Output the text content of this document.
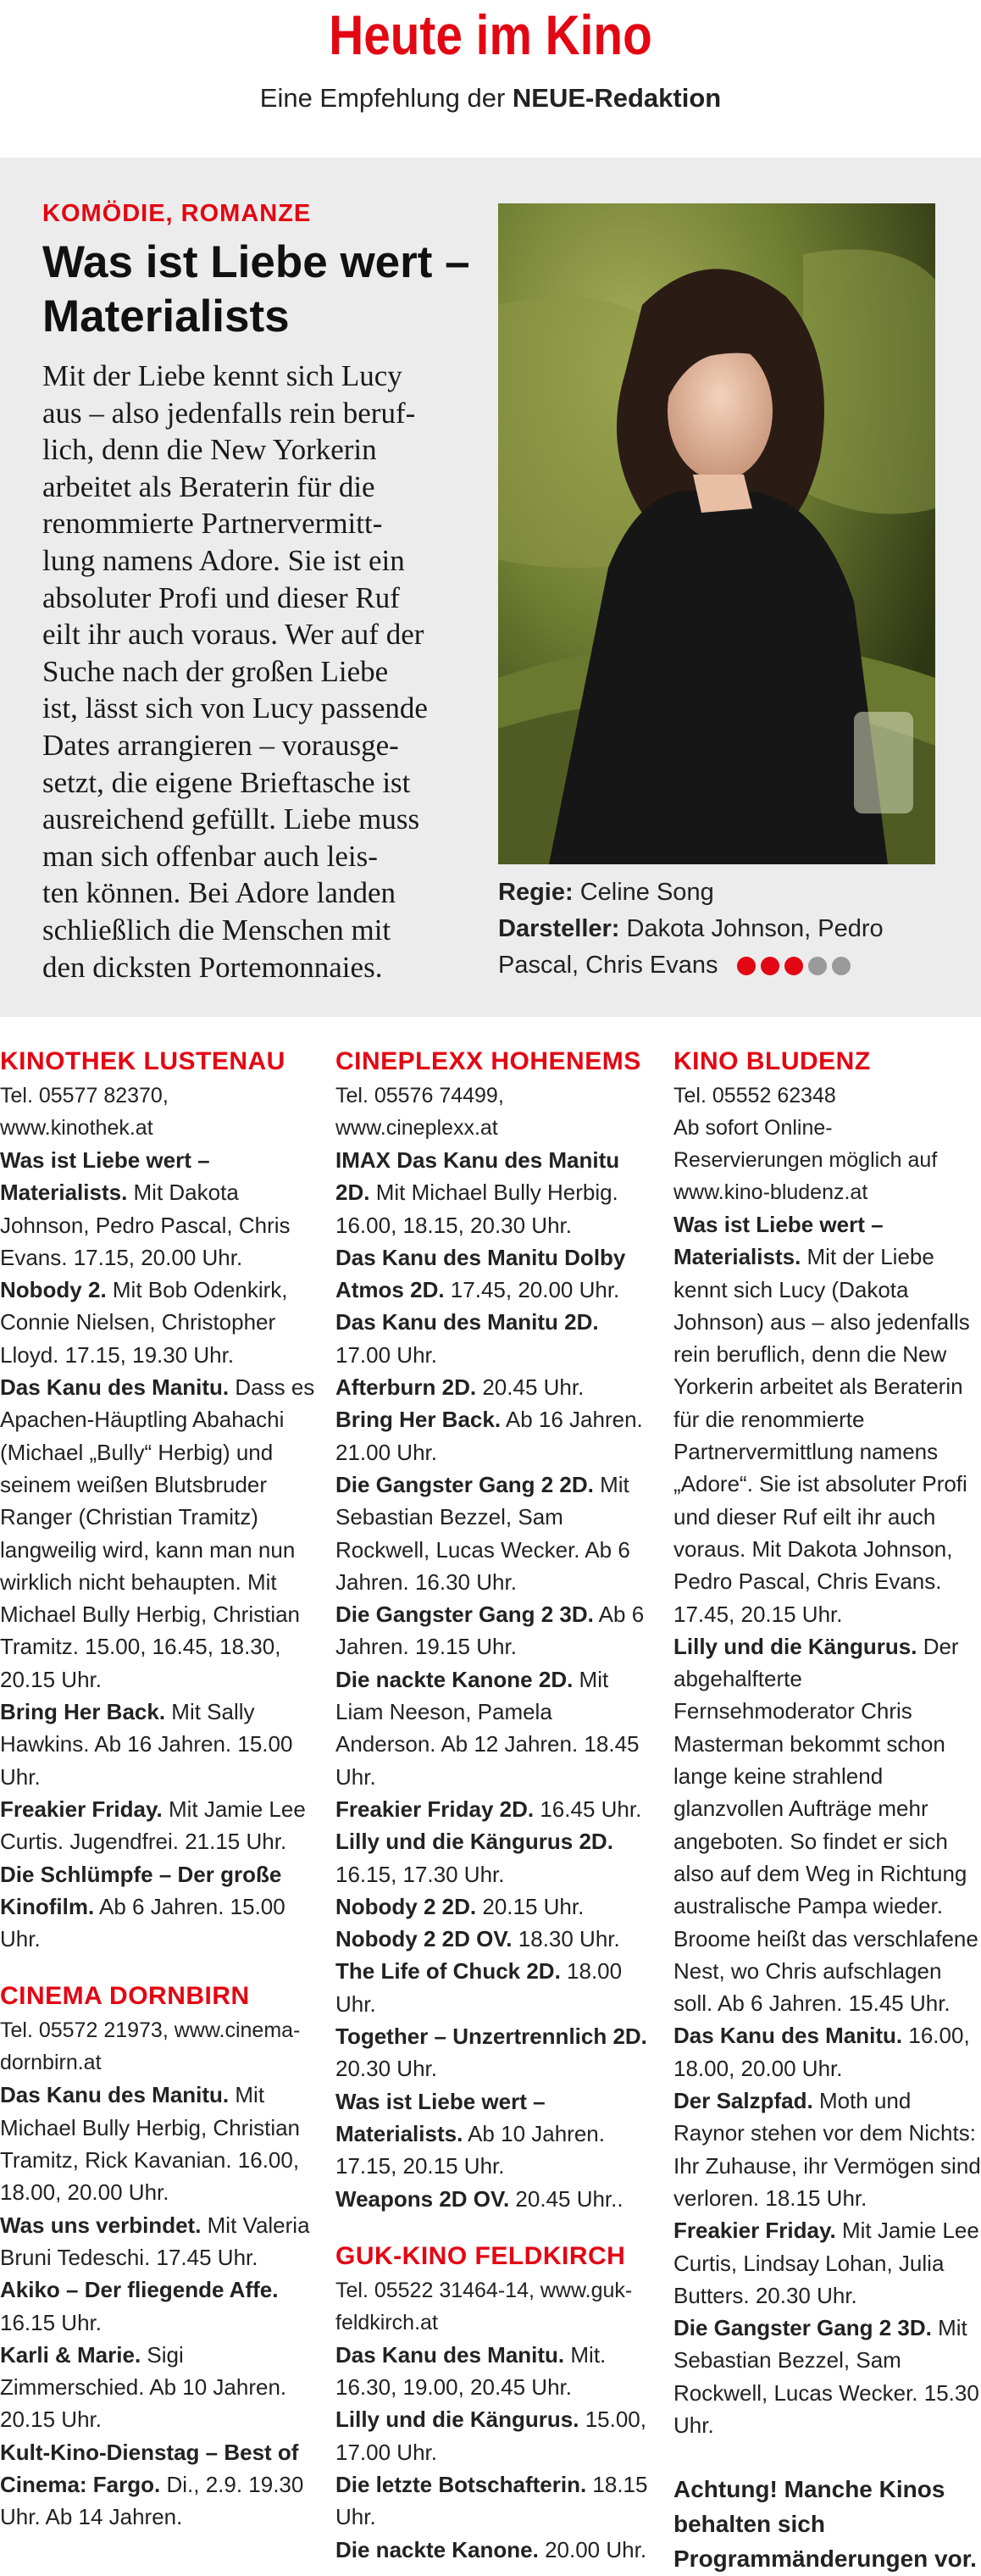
Heute im Kino
Eine Empfehlung der NEUE-Redaktion
KOMÖDIE, ROMANZE
Was ist Liebe wert – Materialists
Mit der Liebe kennt sich Lucy
aus – also jedenfalls rein beruf-
lich, denn die New Yorkerin
arbeitet als Beraterin für die
renommierte Partnervermitt-
lung namens Adore. Sie ist ein
absoluter Profi und dieser Ruf
eilt ihr auch voraus. Wer auf der
Suche nach der großen Liebe
ist, lässt sich von Lucy passende
Dates arrangieren – vorausge-
setzt, die eigene Brieftasche ist
ausreichend gefüllt. Liebe muss
man sich offenbar auch leis-
ten können. Bei Adore landen
schließlich die Menschen mit
den dicksten Portemonnaies.
Regie: Celine Song
Darsteller: Dakota Johnson, Pedro Pascal, Chris Evans
KINOTHEK LUSTENAU
Tel. 05577 82370, www.kinothek.at

Was ist Liebe wert – Materialists. Mit Dakota Johnson, Pedro Pascal, Chris Evans. 17.15, 20.00 Uhr.

Nobody 2. Mit Bob Odenkirk, Connie Nielsen, Christopher Lloyd. 17.15, 19.30 Uhr.

Das Kanu des Manitu. Dass es Apachen-Häuptling Abahachi (Michael „Bully“ Herbig) und seinem weißen Blutsbruder Ranger (Christian Tramitz) langweilig wird, kann man nun wirklich nicht behaupten. Mit Michael Bully Herbig, Christian Tramitz. 15.00, 16.45, 18.30, 20.15 Uhr.

Bring Her Back. Mit Sally Hawkins. Ab 16 Jahren. 15.00 Uhr.

Freakier Friday. Mit Jamie Lee Curtis. Jugendfrei. 21.15 Uhr.

Die Schlümpfe – Der große Kinofilm. Ab 6 Jahren. 15.00 Uhr.

CINEMA DORNBIRN
Tel. 05572 21973, www.cinema-dornbirn.at

Das Kanu des Manitu. Mit Michael Bully Herbig, Christian Tramitz, Rick Kavanian. 16.00, 18.00, 20.00 Uhr.

Was uns verbindet. Mit Valeria Bruni Tedeschi. 17.45 Uhr.

Akiko – Der fliegende Affe. 16.15 Uhr.

Karli & Marie. Sigi Zimmerschied. Ab 10 Jahren. 20.15 Uhr.

Kult-Kino-Dienstag – Best of Cinema: Fargo. Di., 2.9. 19.30 Uhr. Ab 14 Jahren.

CINEPLEXX HOHENEMS
Tel. 05576 74499, www.cineplexx.at

IMAX Das Kanu des Manitu 2D. Mit Michael Bully Herbig. 16.00, 18.15, 20.30 Uhr.

Das Kanu des Manitu Dolby Atmos 2D. 17.45, 20.00 Uhr.

Das Kanu des Manitu 2D. 17.00 Uhr.

Afterburn 2D. 20.45 Uhr.

Bring Her Back. Ab 16 Jahren. 21.00 Uhr.

Die Gangster Gang 2 2D. Mit Sebastian Bezzel, Sam Rockwell, Lucas Wecker. Ab 6 Jahren. 16.30 Uhr.

Die Gangster Gang 2 3D. Ab 6 Jahren. 19.15 Uhr.

Die nackte Kanone 2D. Mit Liam Neeson, Pamela Anderson. Ab 12 Jahren. 18.45 Uhr.

Freakier Friday 2D. 16.45 Uhr.

Lilly und die Kängurus 2D. 16.15, 17.30 Uhr.

Nobody 2 2D. 20.15 Uhr.

Nobody 2 2D OV. 18.30 Uhr.

The Life of Chuck 2D. 18.00 Uhr.

Together – Unzertrennlich 2D. 20.30 Uhr.

Was ist Liebe wert – Materialists. Ab 10 Jahren. 17.15, 20.15 Uhr.

Weapons 2D OV. 20.45 Uhr..

GUK-KINO FELDKIRCH
Tel. 05522 31464-14, www.guk-feldkirch.at

Das Kanu des Manitu. Mit. 16.30, 19.00, 20.45 Uhr.

Lilly und die Kängurus. 15.00, 17.00 Uhr.

Die letzte Botschafterin. 18.15 Uhr.

Die nackte Kanone. 20.00 Uhr.

KINO BLUDENZ
Tel. 05552 62348
Ab sofort Online-Reservierungen möglich auf www.kino-bludenz.at

Was ist Liebe wert – Materialists. Mit der Liebe kennt sich Lucy (Dakota Johnson) aus – also jedenfalls rein beruflich, denn die New Yorkerin arbeitet als Beraterin für die renommierte Partnervermittlung namens „Adore“. Sie ist absoluter Profi und dieser Ruf eilt ihr auch voraus. Mit Dakota Johnson, Pedro Pascal, Chris Evans. 17.45, 20.15 Uhr.

Lilly und die Kängurus. Der abgehalfterte Fernsehmoderator Chris Masterman bekommt schon lange keine strahlend glanzvollen Aufträge mehr angeboten. So findet er sich also auf dem Weg in Richtung australische Pampa wieder. Broome heißt das verschlafene Nest, wo Chris aufschlagen soll. Ab 6 Jahren. 15.45 Uhr.

Das Kanu des Manitu. 16.00, 18.00, 20.00 Uhr.

Der Salzpfad. Moth und Raynor stehen vor dem Nichts: Ihr Zuhause, ihr Vermögen sind verloren. 18.15 Uhr.

Freakier Friday. Mit Jamie Lee Curtis, Lindsay Lohan, Julia Butters. 20.30 Uhr.

Die Gangster Gang 2 3D. Mit Sebastian Bezzel, Sam Rockwell, Lucas Wecker. 15.30 Uhr.

Achtung! Manche Kinos behalten sich Programmänderungen vor.
